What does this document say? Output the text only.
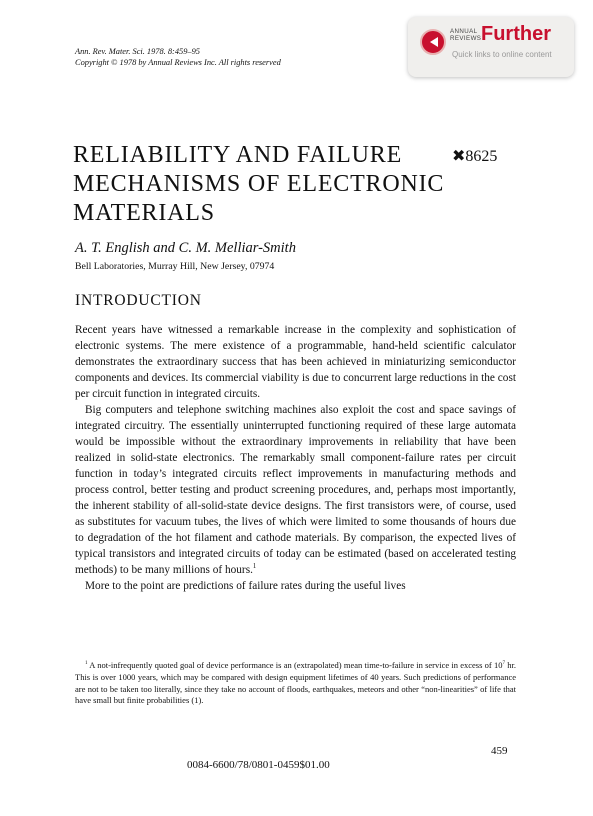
Ann. Rev. Mater. Sci. 1978. 8:459–95
Copyright © 1978 by Annual Reviews Inc. All rights reserved
ANNUAL
REVIEWS Further
Quick links to online content
RELIABILITY AND FAILURE MECHANISMS OF ELECTRONIC MATERIALS
✖8625
A. T. English and C. M. Melliar-Smith
Bell Laboratories, Murray Hill, New Jersey, 07974
INTRODUCTION

Recent years have witnessed a remarkable increase in the complexity and sophistication of electronic systems. The mere existence of a programmable, hand-held scientific calculator demonstrates the extraordinary success that has been achieved in miniaturizing semiconductor components and devices. Its commercial viability is due to concurrent large reductions in the cost per circuit function in integrated circuits.

Big computers and telephone switching machines also exploit the cost and space savings of integrated circuitry. The essentially uninterrupted functioning required of these large automata would be impossible without the extraordinary improvements in reliability that have been realized in solid-state electronics. The remarkably small component-failure rates per circuit function in today’s integrated circuits reflect improvements in manufacturing methods and process control, better testing and product screening procedures, and, perhaps most importantly, the inherent stability of all-solid-state device designs. The first transistors were, of course, used as substitutes for vacuum tubes, the lives of which were limited to some thousands of hours due to degradation of the hot filament and cathode materials. By comparison, the expected lives of typical transistors and integrated circuits of today can be estimated (based on accelerated testing methods) to be many millions of hours.$^1$

More to the point are predictions of failure rates during the useful lives

$^1$ A not-infrequently quoted goal of device performance is an (extrapolated) mean time-to-failure in service in excess of $10^7$ hr. This is over 1000 years, which may be compared with design equipment lifetimes of 40 years. Such predictions of performance are not to be taken too literally, since they take no account of floods, earthquakes, meteors and other “non-linearities” of life that have small but finite probabilities (1).

459
0084-6600/78/0801-0459$01.00
